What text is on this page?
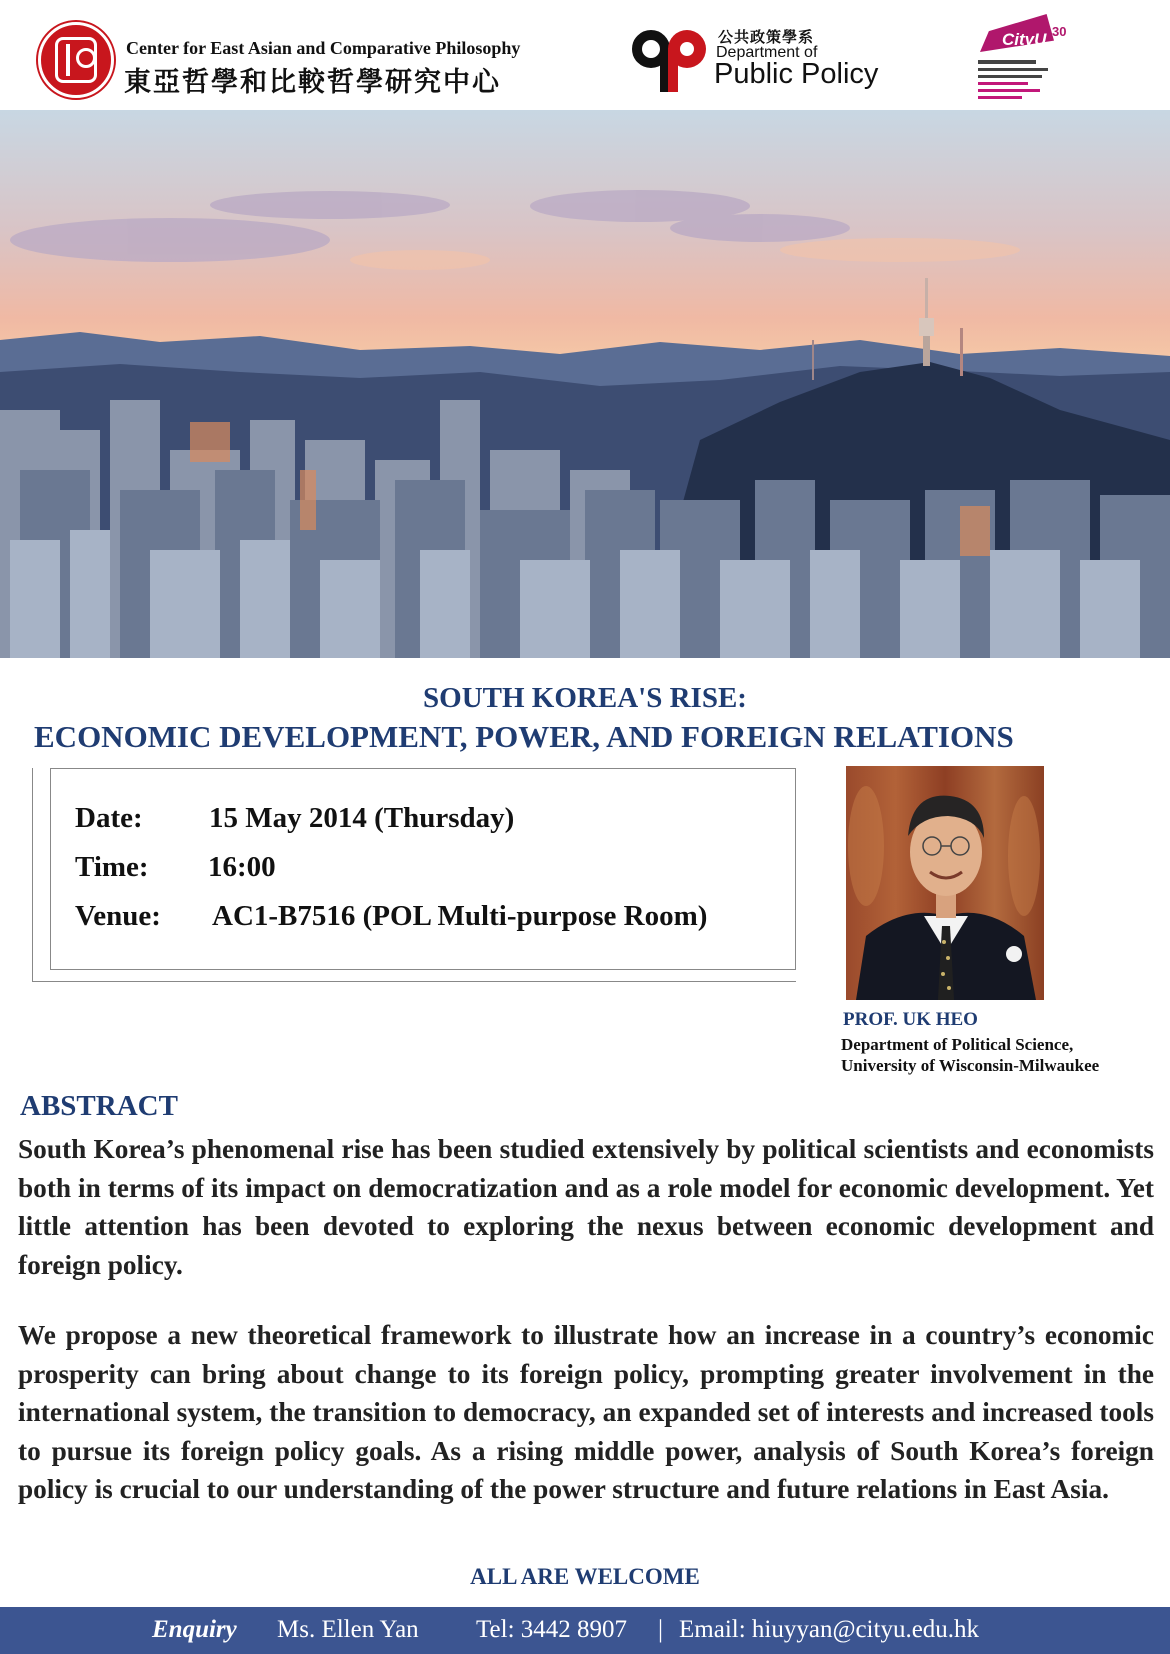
Center for East Asian and Comparative Philosophy
東亞哲學和比較哲學研究中心
公共政策學系
Department of
Public Policy
CityU 30
SOUTH KOREA'S RISE:
ECONOMIC DEVELOPMENT, POWER, AND FOREIGN RELATIONS
Date: 15 May 2014 (Thursday)
Time: 16:00
Venue: AC1-B7516 (POL Multi-purpose Room)
PROF. UK HEO
Department of Political Science,
University of Wisconsin-Milwaukee
ABSTRACT

South Korea’s phenomenal rise has been studied extensively by political scientists and economists both in terms of its impact on democratization and as a role model for economic development. Yet little attention has been devoted to exploring the nexus between economic development and foreign policy.

We propose a new theoretical framework to illustrate how an increase in a country’s economic prosperity can bring about change to its foreign policy, prompting greater involvement in the international system, the transition to democracy, an expanded set of interests and increased tools to pursue its foreign policy goals. As a rising middle power, analysis of South Korea’s foreign policy is crucial to our understanding of the power structure and future relations in East Asia.

ALL ARE WELCOME
Enquiry Ms. Ellen Yan Tel: 3442 8907 | Email: hiuyyan@cityu.edu.hk
